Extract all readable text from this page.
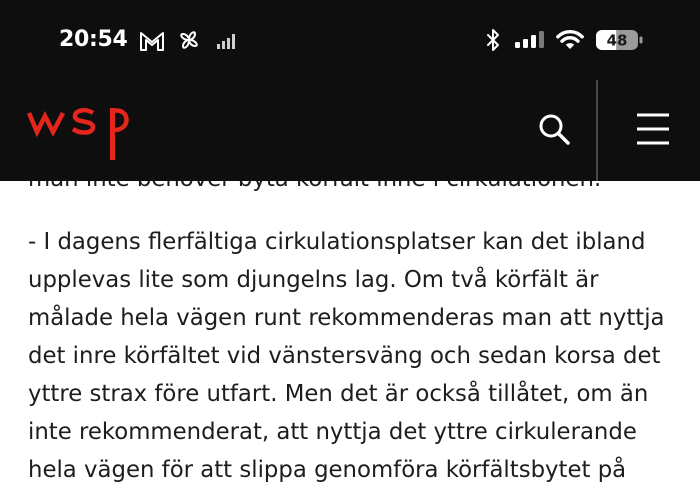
20:54	48
- I dagens flerfältiga cirkulationsplatser kan det ibland
upplevas lite som djungelns lag. Om två körfält är
målade hela vägen runt rekommenderas man att nyttja
det inre körfältet vid vänstersväng och sedan korsa det
yttre strax före utfart. Men det är också tillåtet, om än
inte rekommenderat, att nyttja det yttre cirkulerande
hela vägen för att slippa genomföra körfältsbytet på
